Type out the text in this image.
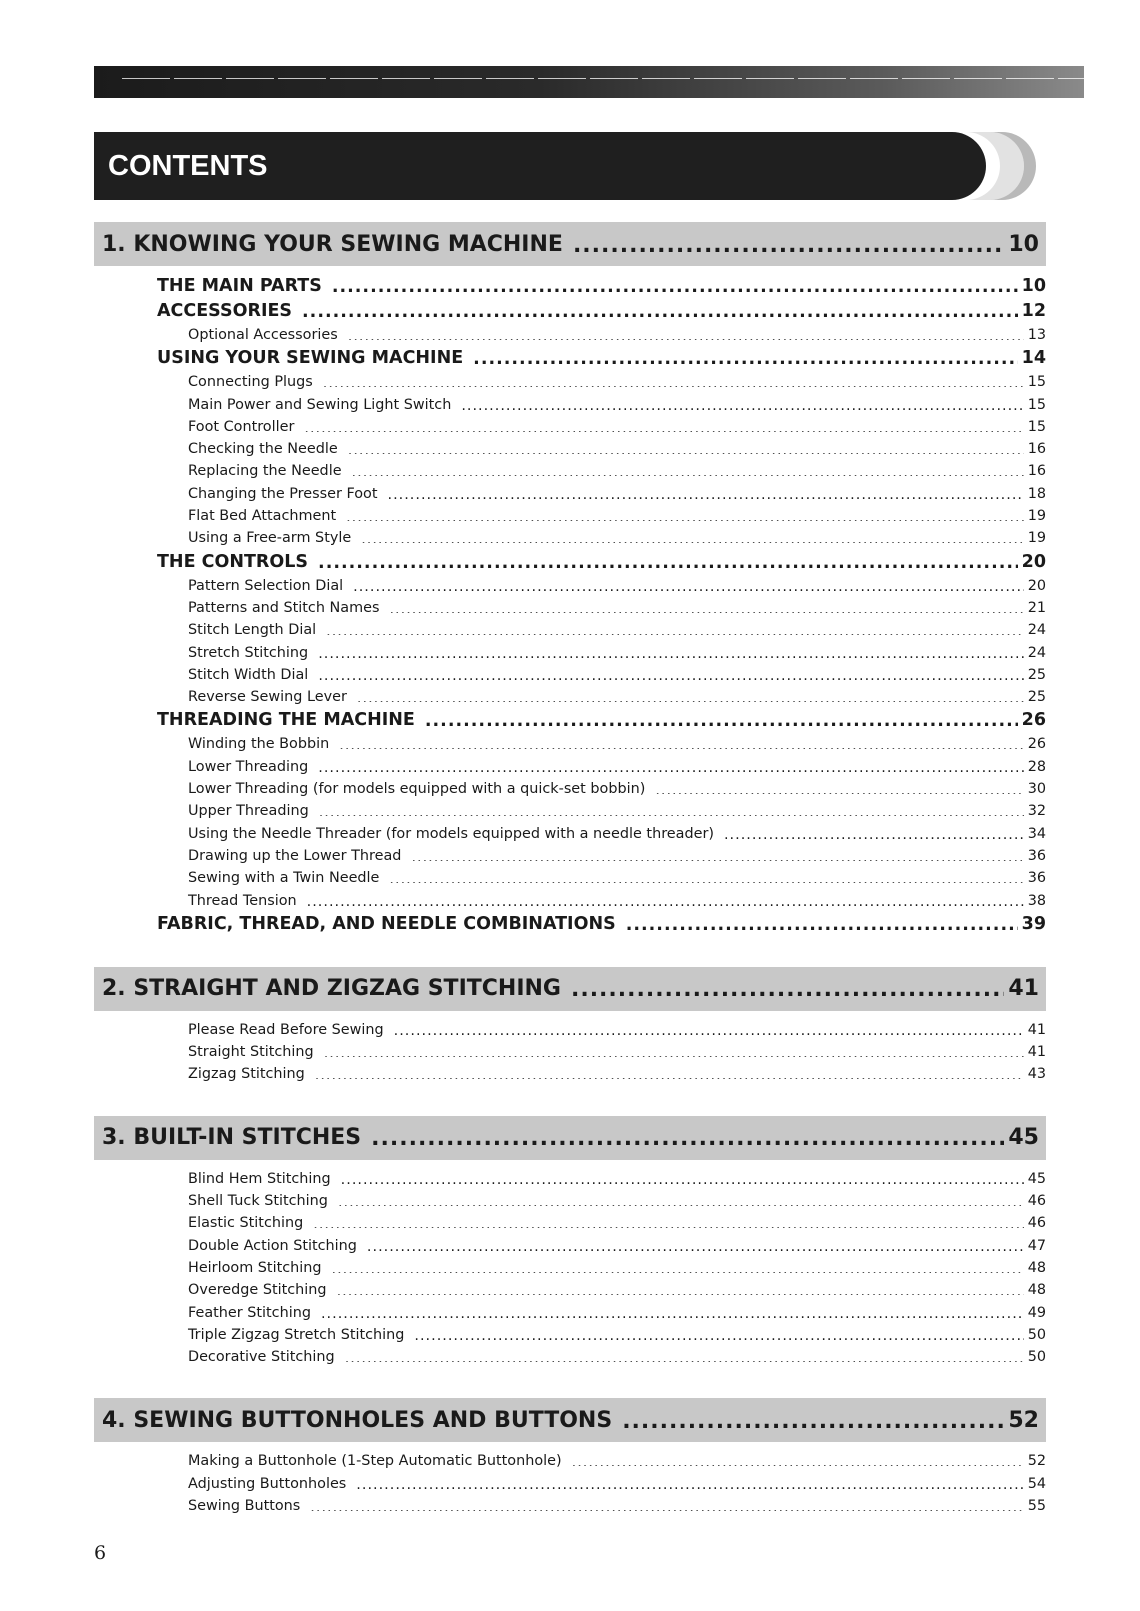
CONTENTS
1. KNOWING YOUR SEWING MACHINE .....	10
THE MAIN PARTS .....	10
ACCESSORIES .....	12
Optional Accessories .....	13
USING YOUR SEWING MACHINE .....	14
Connecting Plugs .....	15
Main Power and Sewing Light Switch .....	15
Foot Controller .....	15
Checking the Needle .....	16
Replacing the Needle .....	16
Changing the Presser Foot .....	18
Flat Bed Attachment .....	19
Using a Free-arm Style .....	19
THE CONTROLS .....	20
Pattern Selection Dial .....	20
Patterns and Stitch Names .....	21
Stitch Length Dial .....	24
Stretch Stitching .....	24
Stitch Width Dial .....	25
Reverse Sewing Lever .....	25
THREADING THE MACHINE .....	26
Winding the Bobbin .....	26
Lower Threading .....	28
Lower Threading (for models equipped with a quick-set bobbin) .....	30
Upper Threading .....	32
Using the Needle Threader (for models equipped with a needle threader) .....	34
Drawing up the Lower Thread .....	36
Sewing with a Twin Needle .....	36
Thread Tension .....	38
FABRIC, THREAD, AND NEEDLE COMBINATIONS .....	39
2. STRAIGHT AND ZIGZAG STITCHING .....	41
Please Read Before Sewing .....	41
Straight Stitching .....	41
Zigzag Stitching .....	43
3. BUILT-IN STITCHES .....	45
Blind Hem Stitching .....	45
Shell Tuck Stitching .....	46
Elastic Stitching .....	46
Double Action Stitching .....	47
Heirloom Stitching .....	48
Overedge Stitching .....	48
Feather Stitching .....	49
Triple Zigzag Stretch Stitching .....	50
Decorative Stitching .....	50
4. SEWING BUTTONHOLES AND BUTTONS .....	52
Making a Buttonhole (1-Step Automatic Buttonhole) .....	52
Adjusting Buttonholes .....	54
Sewing Buttons .....	55
6
